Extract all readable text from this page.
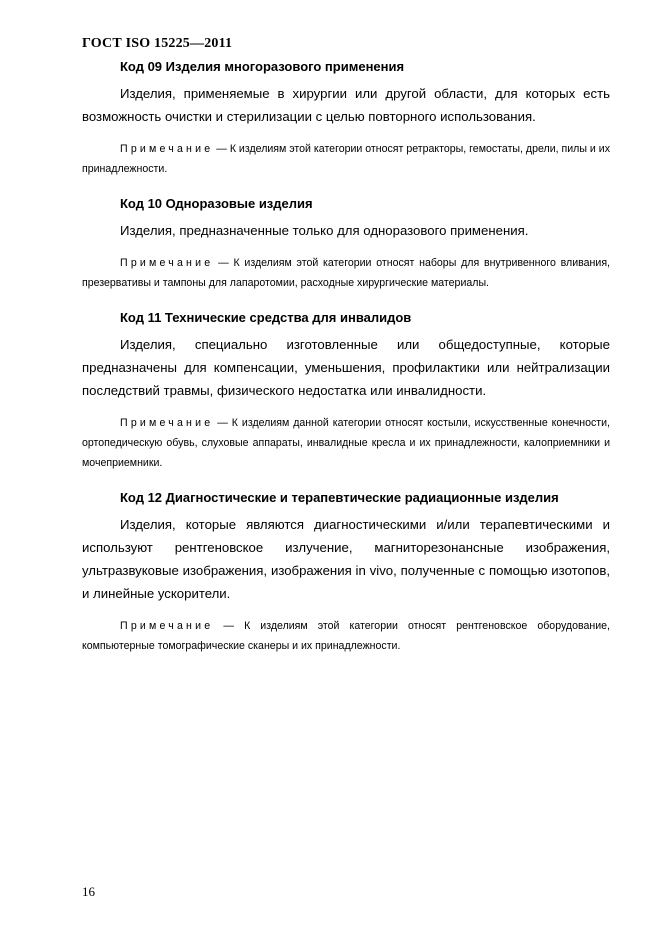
ГОСТ ISO 15225—2011
Код 09 Изделия многоразового применения

Изделия, применяемые в хирургии или другой области, для которых есть возможность очистки и стерилизации с целью повторного использования.

Примечание — К изделиям этой категории относят ретракторы, гемостаты, дрели, пилы и их принадлежности.

Код 10 Одноразовые изделия

Изделия, предназначенные только для одноразового применения.

Примечание — К изделиям этой категории относят наборы для внутривенного вливания, презервативы и тампоны для лапаротомии, расходные хирургические материалы.

Код 11 Технические средства для инвалидов

Изделия, специально изготовленные или общедоступные, которые предназначены для компенсации, уменьшения, профилактики или нейтрализации последствий травмы, физического недостатка или инвалидности.

Примечание — К изделиям данной категории относят костыли, искусственные конечности, ортопедическую обувь, слуховые аппараты, инвалидные кресла и их принадлежности, калоприемники и мочеприемники.

Код 12 Диагностические и терапевтические радиационные изделия

Изделия, которые являются диагностическими и/или терапевтическими и используют рентгеновское излучение, магниторезонансные изображения, ультразвуковые изображения, изображения in vivo, полученные с помощью изотопов, и линейные ускорители.

Примечание — К изделиям этой категории относят рентгеновское оборудование, компьютерные томографические сканеры и их принадлежности.

16
